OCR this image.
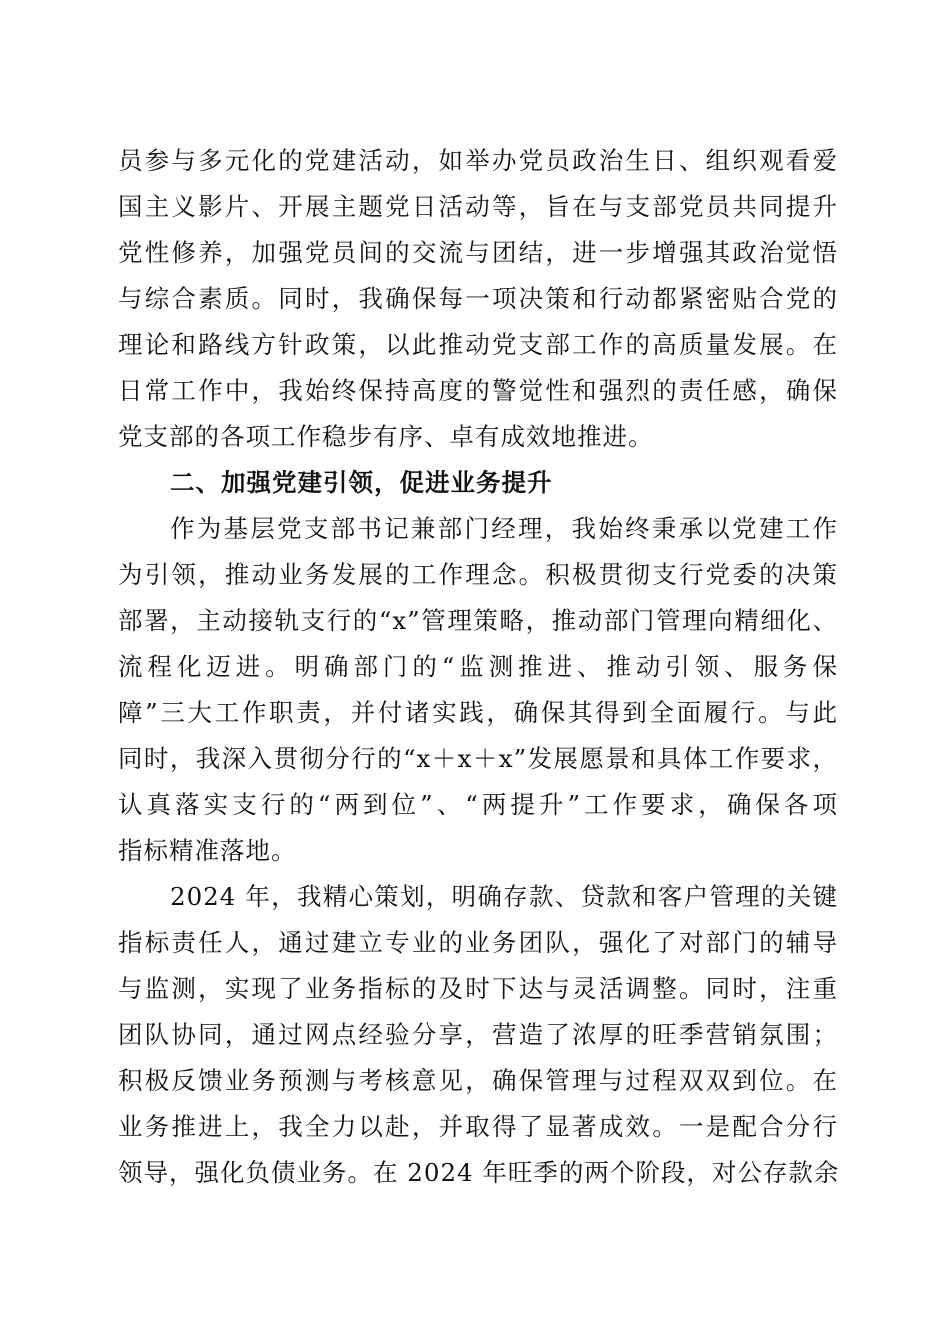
员参与多元化的党建活动，如举办党员政治生日、组织观看爱
国主义影片、开展主题党日活动等，旨在与支部党员共同提升
党性修养，加强党员间的交流与团结，进一步增强其政治觉悟
与综合素质。同时，我确保每一项决策和行动都紧密贴合党的
理论和路线方针政策，以此推动党支部工作的高质量发展。在
日常工作中，我始终保持高度的警觉性和强烈的责任感，确保
党支部的各项工作稳步有序、卓有成效地推进。
二、加强党建引领，促进业务提升
作为基层党支部书记兼部门经理，我始终秉承以党建工作
为引领，推动业务发展的工作理念。积极贯彻支行党委的决策
部署，主动接轨支行的“x”管理策略，推动部门管理向精细化、
流程化迈进。明确部门的“监测推进、推动引领、服务保
障”三大工作职责，并付诸实践，确保其得到全面履行。与此
同时，我深入贯彻分行的“x＋x＋x”发展愿景和具体工作要求，
认真落实支行的“两到位”、“两提升”工作要求，确保各项
指标精准落地。
2024 年，我精心策划，明确存款、贷款和客户管理的关键
指标责任人，通过建立专业的业务团队，强化了对部门的辅导
与监测，实现了业务指标的及时下达与灵活调整。同时，注重
团队协同，通过网点经验分享，营造了浓厚的旺季营销氛围；
积极反馈业务预测与考核意见，确保管理与过程双双到位。在
业务推进上，我全力以赴，并取得了显著成效。一是配合分行
领导，强化负债业务。在 2024 年旺季的两个阶段，对公存款余
